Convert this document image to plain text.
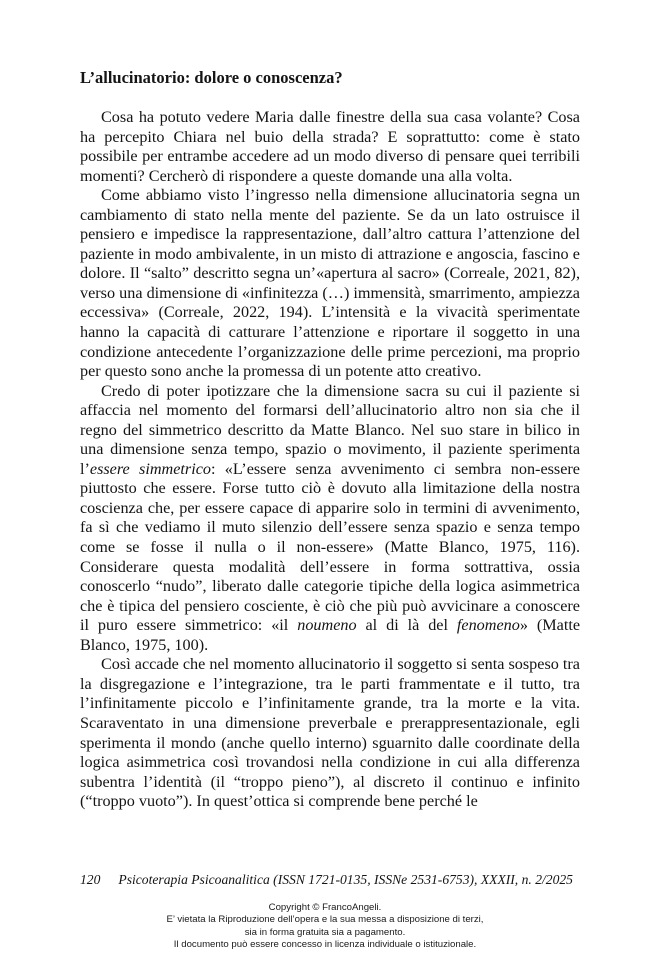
L’allucinatorio: dolore o conoscenza?

Cosa ha potuto vedere Maria dalle finestre della sua casa volante? Cosa ha percepito Chiara nel buio della strada? E soprattutto: come è stato possibile per entrambe accedere ad un modo diverso di pensare quei terribili momenti? Cercherò di rispondere a queste domande una alla volta.

Come abbiamo visto l’ingresso nella dimensione allucinatoria segna un cambiamento di stato nella mente del paziente. Se da un lato ostruisce il pensiero e impedisce la rappresentazione, dall’altro cattura l’attenzione del paziente in modo ambivalente, in un misto di attrazione e angoscia, fascino e dolore. Il “salto” descritto segna un’«apertura al sacro» (Correale, 2021, 82), verso una dimensione di «infinitezza (…) immensità, smarrimento, ampiezza eccessiva» (Correale, 2022, 194). L’intensità e la vivacità sperimentate hanno la capacità di catturare l’attenzione e riportare il soggetto in una condizione antecedente l’organizzazione delle prime percezioni, ma proprio per questo sono anche la promessa di un potente atto creativo.

Credo di poter ipotizzare che la dimensione sacra su cui il paziente si affaccia nel momento del formarsi dell’allucinatorio altro non sia che il regno del simmetrico descritto da Matte Blanco. Nel suo stare in bilico in una dimensione senza tempo, spazio o movimento, il paziente sperimenta l’essere simmetrico: «L’essere senza avvenimento ci sembra non-essere piuttosto che essere. Forse tutto ciò è dovuto alla limitazione della nostra coscienza che, per essere capace di apparire solo in termini di avvenimento, fa sì che vediamo il muto silenzio dell’essere senza spazio e senza tempo come se fosse il nulla o il non-essere» (Matte Blanco, 1975, 116). Considerare questa modalità dell’essere in forma sottrattiva, ossia conoscerlo “nudo”, liberato dalle categorie tipiche della logica asimmetrica che è tipica del pensiero cosciente, è ciò che più può avvicinare a conoscere il puro essere simmetrico: «il noumeno al di là del fenomeno» (Matte Blanco, 1975, 100).

Così accade che nel momento allucinatorio il soggetto si senta sospeso tra la disgregazione e l’integrazione, tra le parti frammentate e il tutto, tra l’infinitamente piccolo e l’infinitamente grande, tra la morte e la vita. Scaraventato in una dimensione preverbale e prerappresentazionale, egli sperimenta il mondo (anche quello interno) sguarnito dalle coordinate della logica asimmetrica così trovandosi nella condizione in cui alla differenza subentra l’identità (il “troppo pieno”), al discreto il continuo e infinito (“troppo vuoto”). In quest’ottica si comprende bene perché le

120 Psicoterapia Psicoanalitica (ISSN 1721-0135, ISSNe 2531-6753), XXXII, n. 2/2025
Copyright © FrancoAngeli.
E’ vietata la Riproduzione dell’opera e la sua messa a disposizione di terzi,
sia in forma gratuita sia a pagamento.
Il documento può essere concesso in licenza individuale o istituzionale.
